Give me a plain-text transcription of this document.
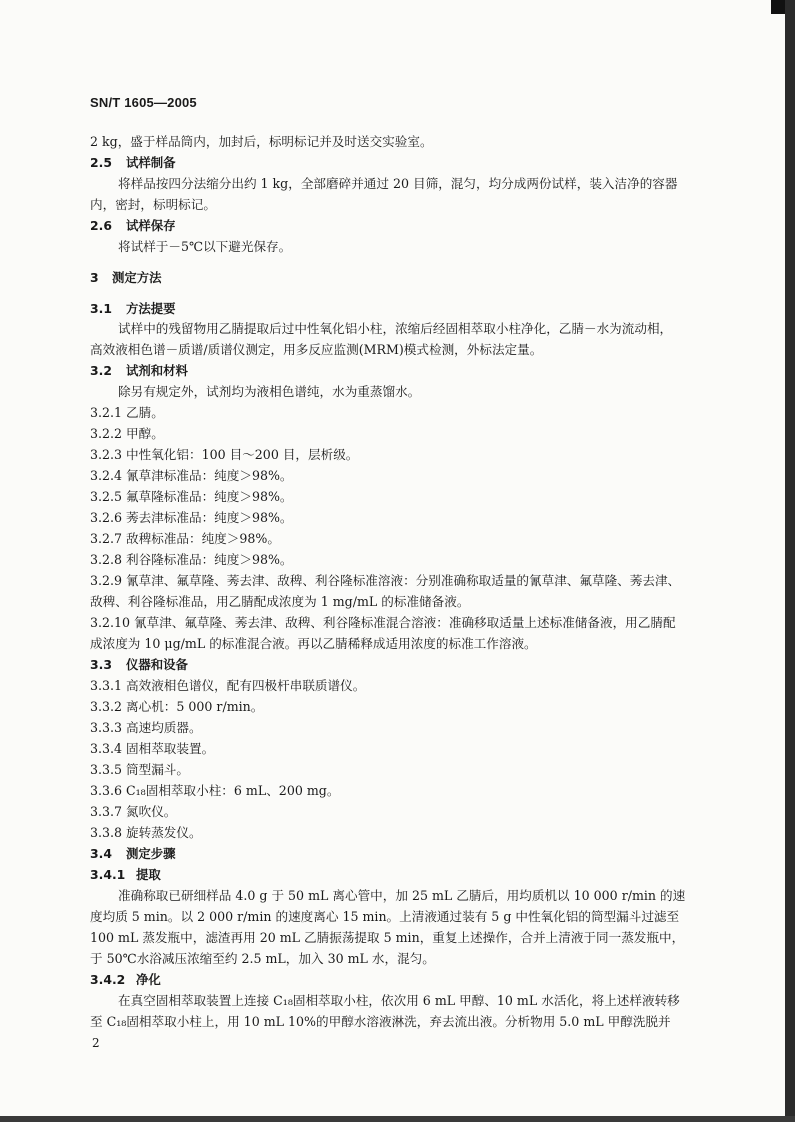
SN/T 1605—2005
2 kg，盛于样品筒内，加封后，标明标记并及时送交实验室。
2.5 试样制备
将样品按四分法缩分出约 1 kg，全部磨碎并通过 20 目筛，混匀，均分成两份试样，装入洁净的容器
内，密封，标明标记。
2.6 试样保存
将试样于－5℃以下避光保存。
3 测定方法
3.1 方法提要
试样中的残留物用乙腈提取后过中性氧化铝小柱，浓缩后经固相萃取小柱净化，乙腈－水为流动相，
高效液相色谱－质谱/质谱仪测定，用多反应监测(MRM)模式检测，外标法定量。
3.2 试剂和材料
除另有规定外，试剂均为液相色谱纯，水为重蒸馏水。
3.2.1 乙腈。
3.2.2 甲醇。
3.2.3 中性氧化铝：100 目～200 目，层析级。
3.2.4 氰草津标准品：纯度＞98%。
3.2.5 氟草隆标准品：纯度＞98%。
3.2.6 莠去津标准品：纯度＞98%。
3.2.7 敌稗标准品：纯度＞98%。
3.2.8 利谷隆标准品：纯度＞98%。
3.2.9 氰草津、氟草隆、莠去津、敌稗、利谷隆标准溶液：分别准确称取适量的氰草津、氟草隆、莠去津、
敌稗、利谷隆标准品，用乙腈配成浓度为 1 mg/mL 的标准储备液。
3.2.10 氰草津、氟草隆、莠去津、敌稗、利谷隆标准混合溶液：准确移取适量上述标准储备液，用乙腈配
成浓度为 10 μg/mL 的标准混合液。再以乙腈稀释成适用浓度的标准工作溶液。
3.3 仪器和设备
3.3.1 高效液相色谱仪，配有四极杆串联质谱仪。
3.3.2 离心机：5 000 r/min。
3.3.3 高速均质器。
3.3.4 固相萃取装置。
3.3.5 筒型漏斗。
3.3.6 C₁₈固相萃取小柱：6 mL、200 mg。
3.3.7 氮吹仪。
3.3.8 旋转蒸发仪。
3.4 测定步骤
3.4.1 提取
准确称取已研细样品 4.0 g 于 50 mL 离心管中，加 25 mL 乙腈后，用均质机以 10 000 r/min 的速
度均质 5 min。以 2 000 r/min 的速度离心 15 min。上清液通过装有 5 g 中性氧化铝的筒型漏斗过滤至
100 mL 蒸发瓶中，滤渣再用 20 mL 乙腈振荡提取 5 min，重复上述操作，合并上清液于同一蒸发瓶中，
于 50℃水浴减压浓缩至约 2.5 mL，加入 30 mL 水，混匀。
3.4.2 净化
在真空固相萃取装置上连接 C₁₈固相萃取小柱，依次用 6 mL 甲醇、10 mL 水活化，将上述样液转移
至 C₁₈固相萃取小柱上，用 10 mL 10%的甲醇水溶液淋洗，弃去流出液。分析物用 5.0 mL 甲醇洗脱并
2
